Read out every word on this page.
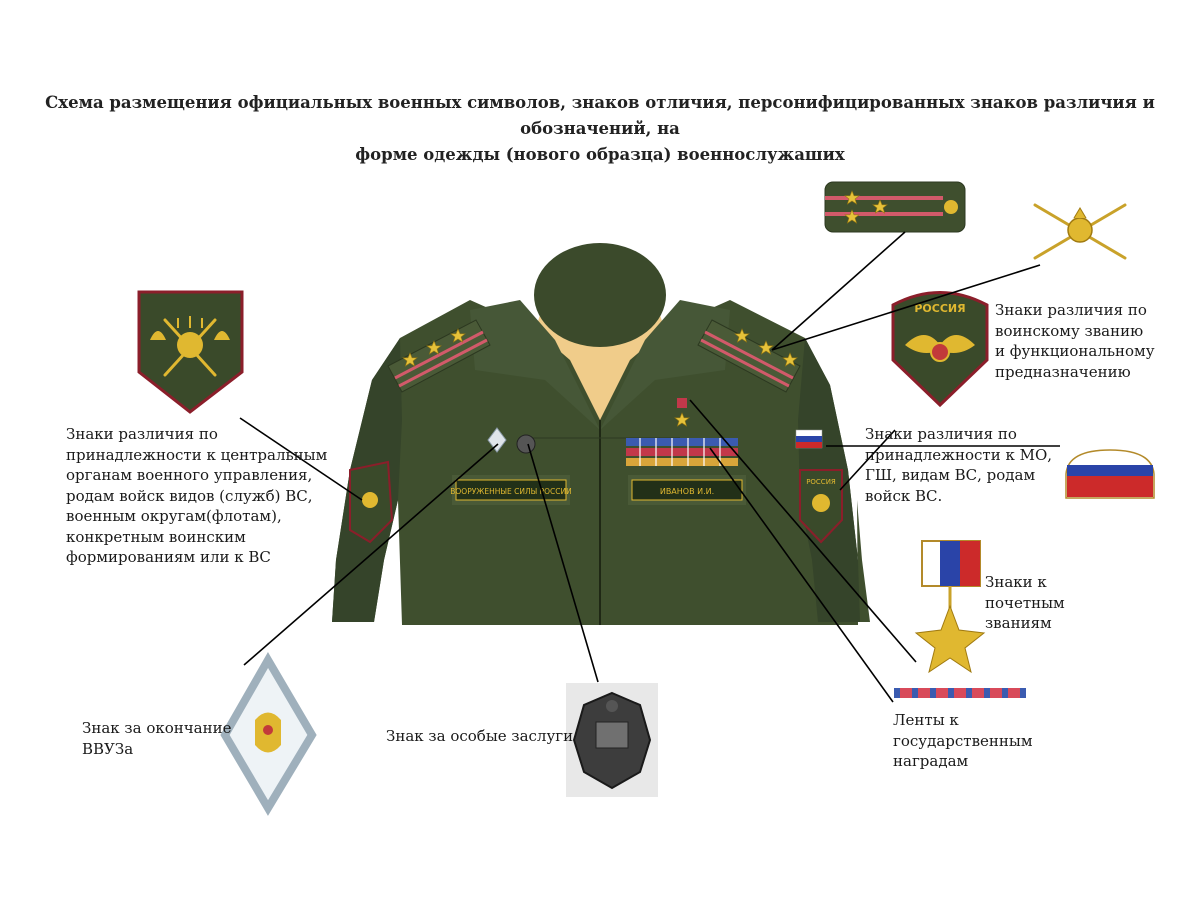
Схема размещения официальных военных символов, знаков отличия, персонифицированных знаков различия и обозначений, на
форме одежды (нового образца) военнослужаших
РОССИЯ
ВООРУЖЕННЫЕ СИЛЫ РОССИИ	ИВАНОВ И.И.
РОССИЯ Знаки различия по
воинскому званию
и функциональному
предназначению
Знаки различия по
принадлежности к МО,
ГШ, видам ВС, родам
войск ВС.
Знаки различия по
принадлежности к центральным
органам военного управления,
родам войск видов (служб) ВС,
военным округам(флотам),
конкретным воинским
формированиям или к ВС
Знаки к
почетным
званиям
Ленты к
государственным
наградам
Знак за окончание
ВВУЗа
Знак за особые заслуги
